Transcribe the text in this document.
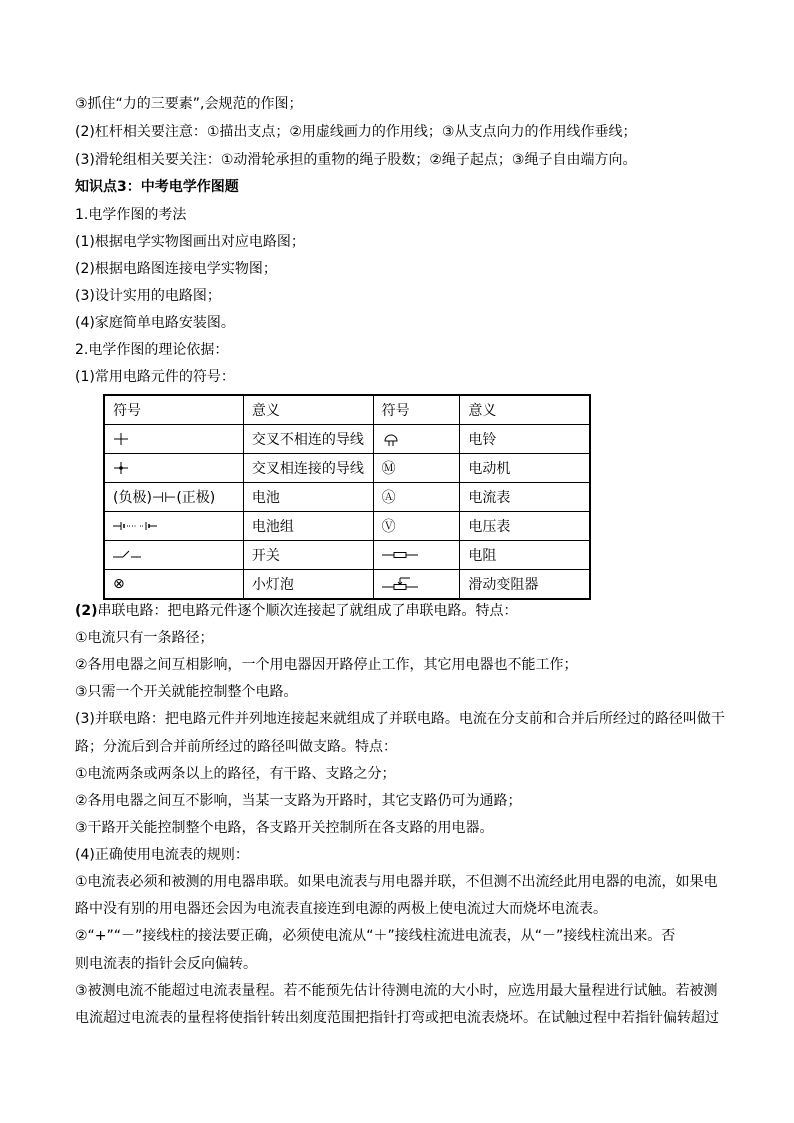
③抓住“力的三要素”,会规范的作图；
(2)杠杆相关要注意：①描出支点；②用虚线画力的作用线；③从支点向力的作用线作垂线；
(3)滑轮组相关要关注：①动滑轮承担的重物的绳子股数；②绳子起点；③绳子自由端方向。
知识点3：中考电学作图题
1.电学作图的考法
(1)根据电学实物图画出对应电路图；
(2)根据电路图连接电学实物图；
(3)设计实用的电路图；
(4)家庭简单电路安装图。
2.电学作图的理论依据：
(1)常用电路元件的符号：
符号	意义	符号	意义
	交叉不相连的导线		电铃
	交叉相连接的导线	Ⓜ	电动机
(负极)⊣⊢(正极)	电池	Ⓐ	电流表
	电池组	Ⓥ	电压表
	开关		电阻
⊗	小灯泡		滑动变阻器
(2)串联电路：把电路元件逐个顺次连接起了就组成了串联电路。特点：
①电流只有一条路径；
②各用电器之间互相影响，一个用电器因开路停止工作，其它用电器也不能工作；
③只需一个开关就能控制整个电路。
(3)并联电路：把电路元件并列地连接起来就组成了并联电路。电流在分支前和合并后所经过的路径叫做干
路；分流后到合并前所经过的路径叫做支路。特点：
①电流两条或两条以上的路径，有干路、支路之分；
②各用电器之间互不影响，当某一支路为开路时，其它支路仍可为通路；
③干路开关能控制整个电路，各支路开关控制所在各支路的用电器。
(4)正确使用电流表的规则：
①电流表必须和被测的用电器串联。如果电流表与用电器并联，不但测不出流经此用电器的电流，如果电
路中没有别的用电器还会因为电流表直接连到电源的两极上使电流过大而烧坏电流表。
②“+”“－”接线柱的接法要正确，必须使电流从“＋”接线柱流进电流表，从“－”接线柱流出来。否
则电流表的指针会反向偏转。
③被测电流不能超过电流表量程。若不能预先估计待测电流的大小时，应选用最大量程进行试触。若被测
电流超过电流表的量程将使指针转出刻度范围把指针打弯或把电流表烧坏。在试触过程中若指针偏转超过
